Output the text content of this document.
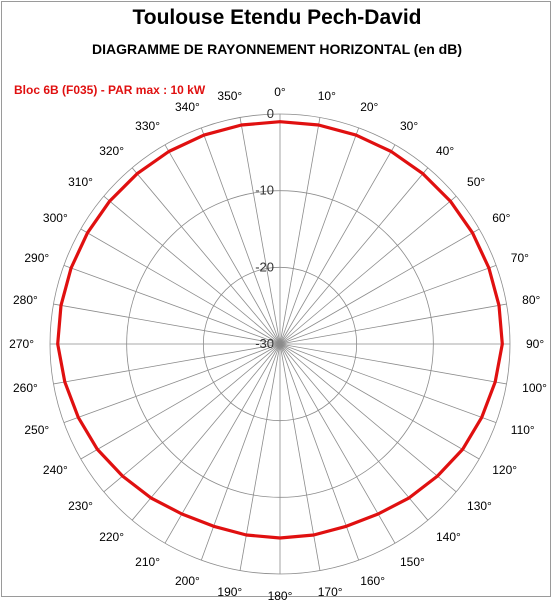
Toulouse Etendu Pech-David
DIAGRAMME DE RAYONNEMENT HORIZONTAL (en dB)
Bloc 6B (F035) - PAR max : 10 kW
0
-10
-20
-30
0°	10°
20°
30°
40°
50°
60°
70°
80°
90°
100°
110°
120°
130°
140°
150°
160°
170°
180°
190°
200°
210°
220°
230°
240°
250°
260°
270°
280°
290°
300°
310°
320°
330°
340°
350°
